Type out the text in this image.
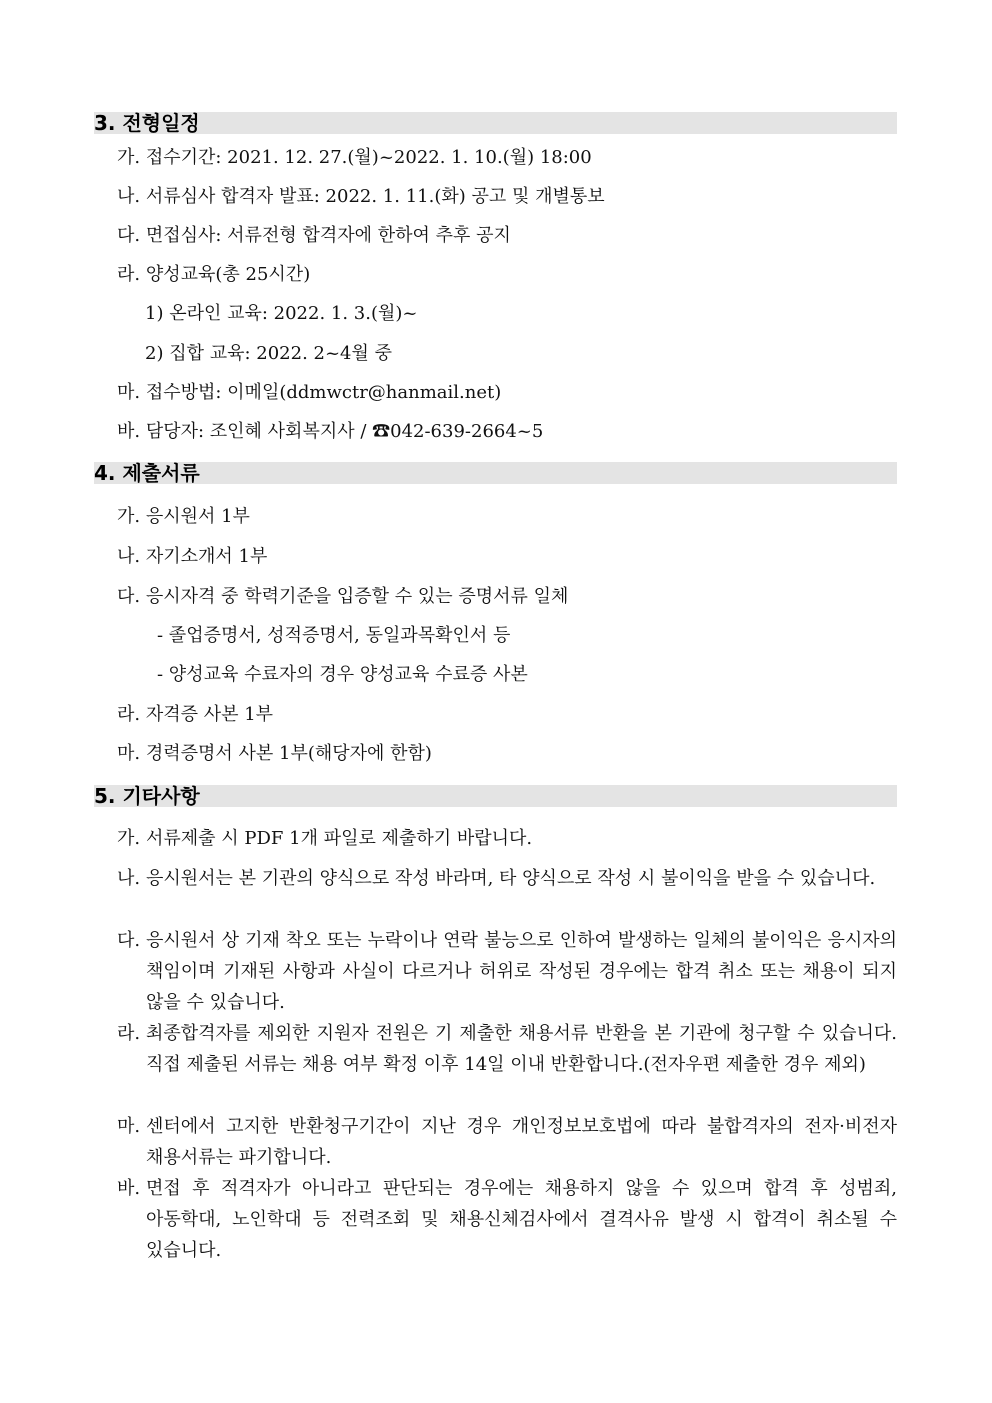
3. 전형일정
가. 접수기간: 2021. 12. 27.(월)~2022. 1. 10.(월) 18:00
나. 서류심사 합격자 발표: 2022. 1. 11.(화) 공고 및 개별통보
다. 면접심사: 서류전형 합격자에 한하여 추후 공지
라. 양성교육(총 25시간)
1) 온라인 교육: 2022. 1. 3.(월)~
2) 집합 교육: 2022. 2~4월 중
마. 접수방법: 이메일(ddmwctr@hanmail.net)
바. 담당자: 조인혜 사회복지사 / ☎042-639-2664~5
4. 제출서류
가. 응시원서 1부
나. 자기소개서 1부
다. 응시자격 중 학력기준을 입증할 수 있는 증명서류 일체
- 졸업증명서, 성적증명서, 동일과목확인서 등
- 양성교육 수료자의 경우 양성교육 수료증 사본
라. 자격증 사본 1부
마. 경력증명서 사본 1부(해당자에 한함)
5. 기타사항
가. 서류제출 시 PDF 1개 파일로 제출하기 바랍니다.
나. 응시원서는 본 기관의 양식으로 작성 바라며, 타 양식으로 작성 시 불이익을 받을 수 있습니다.
다. 응시원서 상 기재 착오 또는 누락이나 연락 불능으로 인하여 발생하는 일체의 불이익은 응시자의 책임이며 기재된 사항과 사실이 다르거나 허위로 작성된 경우에는 합격 취소 또는 채용이 되지 않을 수 있습니다.
라. 최종합격자를 제외한 지원자 전원은 기 제출한 채용서류 반환을 본 기관에 청구할 수 있습니다. 직접 제출된 서류는 채용 여부 확정 이후 14일 이내 반환합니다.(전자우편 제출한 경우 제외)
마. 센터에서 고지한 반환청구기간이 지난 경우 개인정보보호법에 따라 불합격자의 전자·비전자 채용서류는 파기합니다.
바. 면접 후 적격자가 아니라고 판단되는 경우에는 채용하지 않을 수 있으며 합격 후 성범죄, 아동학대, 노인학대 등 전력조회 및 채용신체검사에서 결격사유 발생 시 합격이 취소될 수 있습니다.
